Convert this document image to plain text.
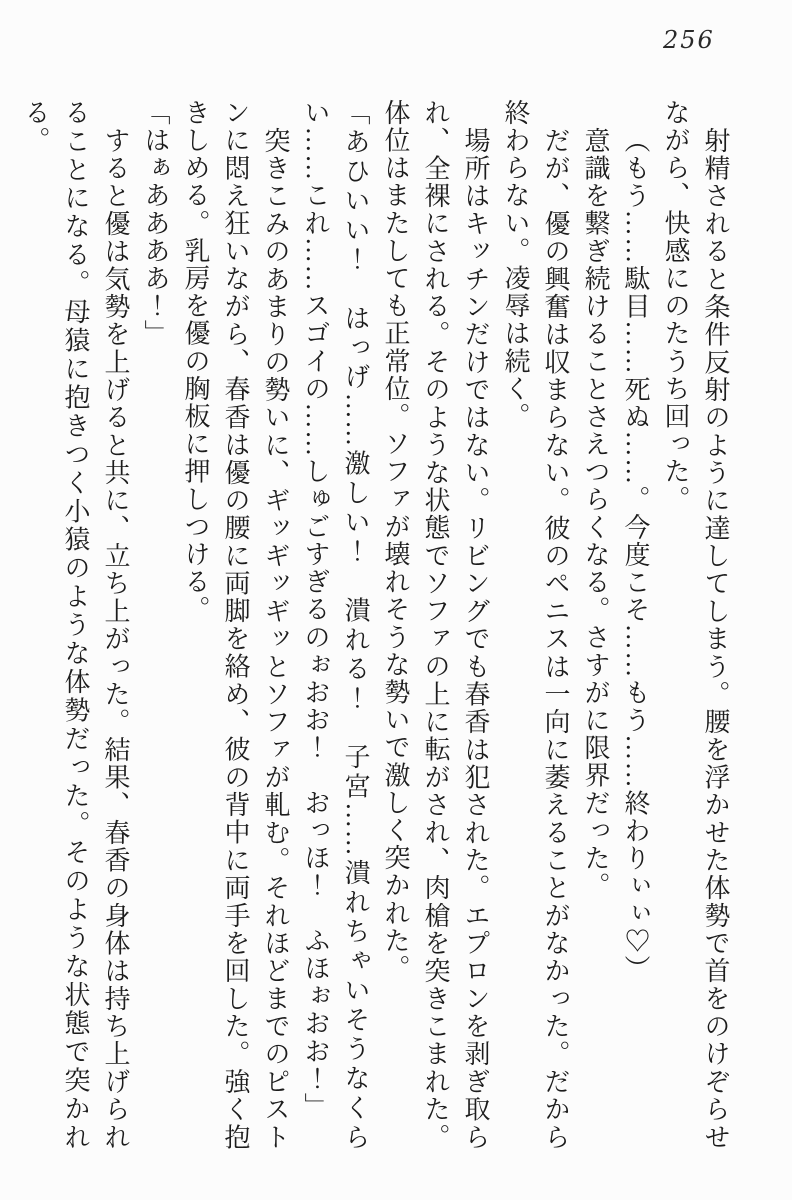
256

射精されると条件反射のように達してしまう。腰を浮かせた体勢で首をのけぞらせながら、快感にのたうち回った。

（もう……駄目……死ぬ……。今度こそ……もう……終わりぃぃ♡）

意識を繋ぎ続けることさえつらくなる。さすがに限界だった。

だが、優の興奮は収まらない。彼のペニスは一向に萎えることがなかった。だから終わらない。凌辱は続く。

場所はキッチンだけではない。リビングでも春香は犯された。エプロンを剥ぎ取られ、全裸にされる。そのような状態でソファの上に転がされ、肉槍を突きこまれた。体位はまたしても正常位。ソファが壊れそうな勢いで激しく突かれた。

「あひいい！　はっげ……激しい！　潰れる！　子宮……潰れちゃいそうなくらい……これ……スゴイの……しゅごすぎるのぉおお！　おっほ！　ふほぉおお！」

突きこみのあまりの勢いに、ギッギッギッとソファが軋む。それほどまでのピストンに悶え狂いながら、春香は優の腰に両脚を絡め、彼の背中に両手を回した。強く抱きしめる。乳房を優の胸板に押しつける。

「はぁああああ！」

すると優は気勢を上げると共に、立ち上がった。結果、春香の身体は持ち上げられることになる。母猿に抱きつく小猿のような体勢だった。そのような状態で突かれる。
